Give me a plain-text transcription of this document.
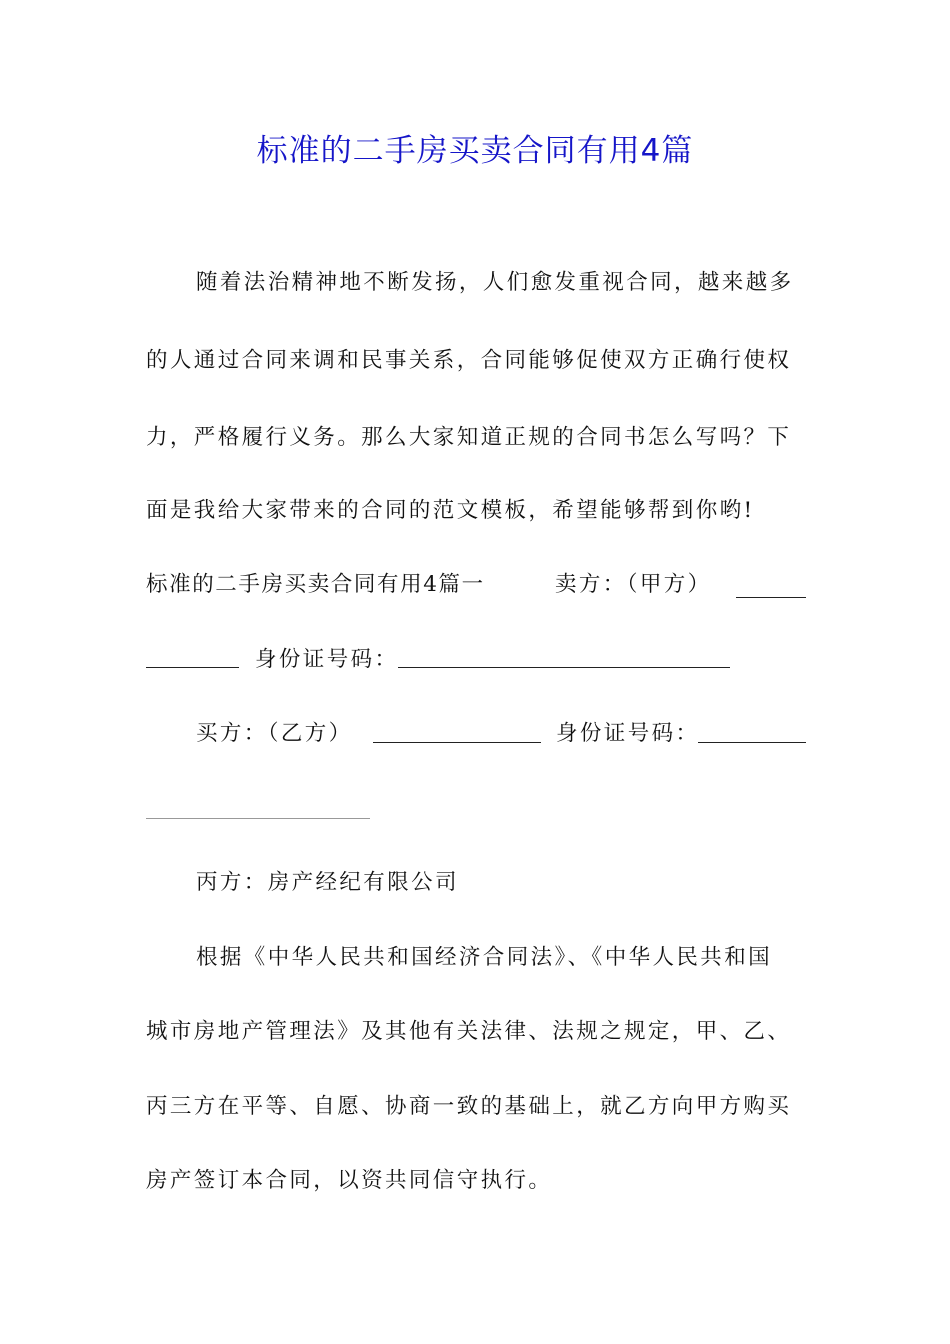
标准的二手房买卖合同有用4篇
随着法治精神地不断发扬，人们愈发重视合同，越来越多
的人通过合同来调和民事关系，合同能够促使双方正确行使权
力，严格履行义务。那么大家知道正规的合同书怎么写吗？下
面是我给大家带来的合同的范文模板，希望能够帮到你哟!
标准的二手房买卖合同有用4篇一	卖方：（甲方）
身份证号码：
买方：（乙方）	身份证号码：
丙方：房产经纪有限公司
根据《中华人民共和国经济合同法》、《中华人民共和国
城市房地产管理法》及其他有关法律、法规之规定，甲、乙、
丙三方在平等、自愿、协商一致的基础上，就乙方向甲方购买
房产签订本合同，以资共同信守执行。
